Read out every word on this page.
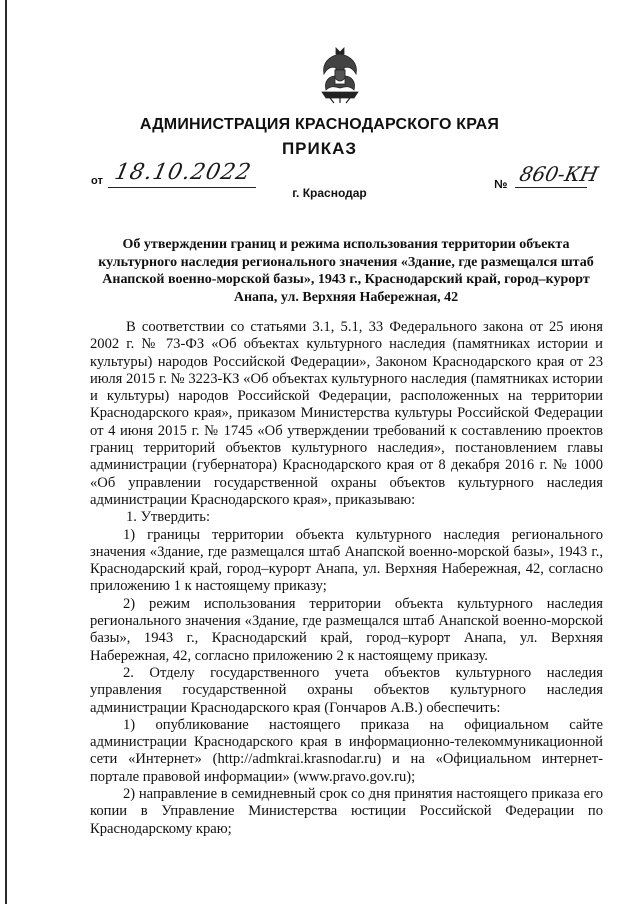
АДМИНИСТРАЦИЯ КРАСНОДАРСКОГО КРАЯ
ПРИКАЗ
от 18.10.2022
г. Краснодар
№ 860-КН
Об утверждении границ и режима использования территории объекта культурного наследия регионального значения «Здание, где размещался штаб Анапской военно-морской базы», 1943 г., Краснодарский край, город–курорт Анапа, ул. Верхняя Набережная, 42

В соответствии со статьями 3.1, 5.1, 33 Федерального закона от 25 июня 2002 г. № 73-ФЗ «Об объектах культурного наследия (памятниках истории и культуры) народов Российской Федерации», Законом Краснодарского края от 23 июля 2015 г. № 3223-КЗ «Об объектах культурного наследия (памятниках истории и культуры) народов Российской Федерации, расположенных на территории Краснодарского края», приказом Министерства культуры Российской Федерации от 4 июня 2015 г. № 1745 «Об утверждении требований к составлению проектов границ территорий объектов культурного наследия», постановлением главы администрации (губернатора) Краснодарского края от 8 декабря 2016 г. № 1000 «Об управлении государственной охраны объектов культурного наследия администрации Краснодарского края», приказываю:

1. Утвердить:

1) границы территории объекта культурного наследия регионального значения «Здание, где размещался штаб Анапской военно-морской базы», 1943 г., Краснодарский край, город–курорт Анапа, ул. Верхняя Набережная, 42, согласно приложению 1 к настоящему приказу;

2) режим использования территории объекта культурного наследия регионального значения «Здание, где размещался штаб Анапской военно-морской базы», 1943 г., Краснодарский край, город–курорт Анапа, ул. Верхняя Набережная, 42, согласно приложению 2 к настоящему приказу.

2. Отделу государственного учета объектов культурного наследия управления государственной охраны объектов культурного наследия администрации Краснодарского края (Гончаров А.В.) обеспечить:

1) опубликование настоящего приказа на официальном сайте администрации Краснодарского края в информационно-телекоммуникационной сети «Интернет» (http://admkrai.krasnodar.ru) и на «Официальном интернет-портале правовой информации» (www.pravo.gov.ru);

2) направление в семидневный срок со дня принятия настоящего приказа его копии в Управление Министерства юстиции Российской Федерации по Краснодарскому краю;
